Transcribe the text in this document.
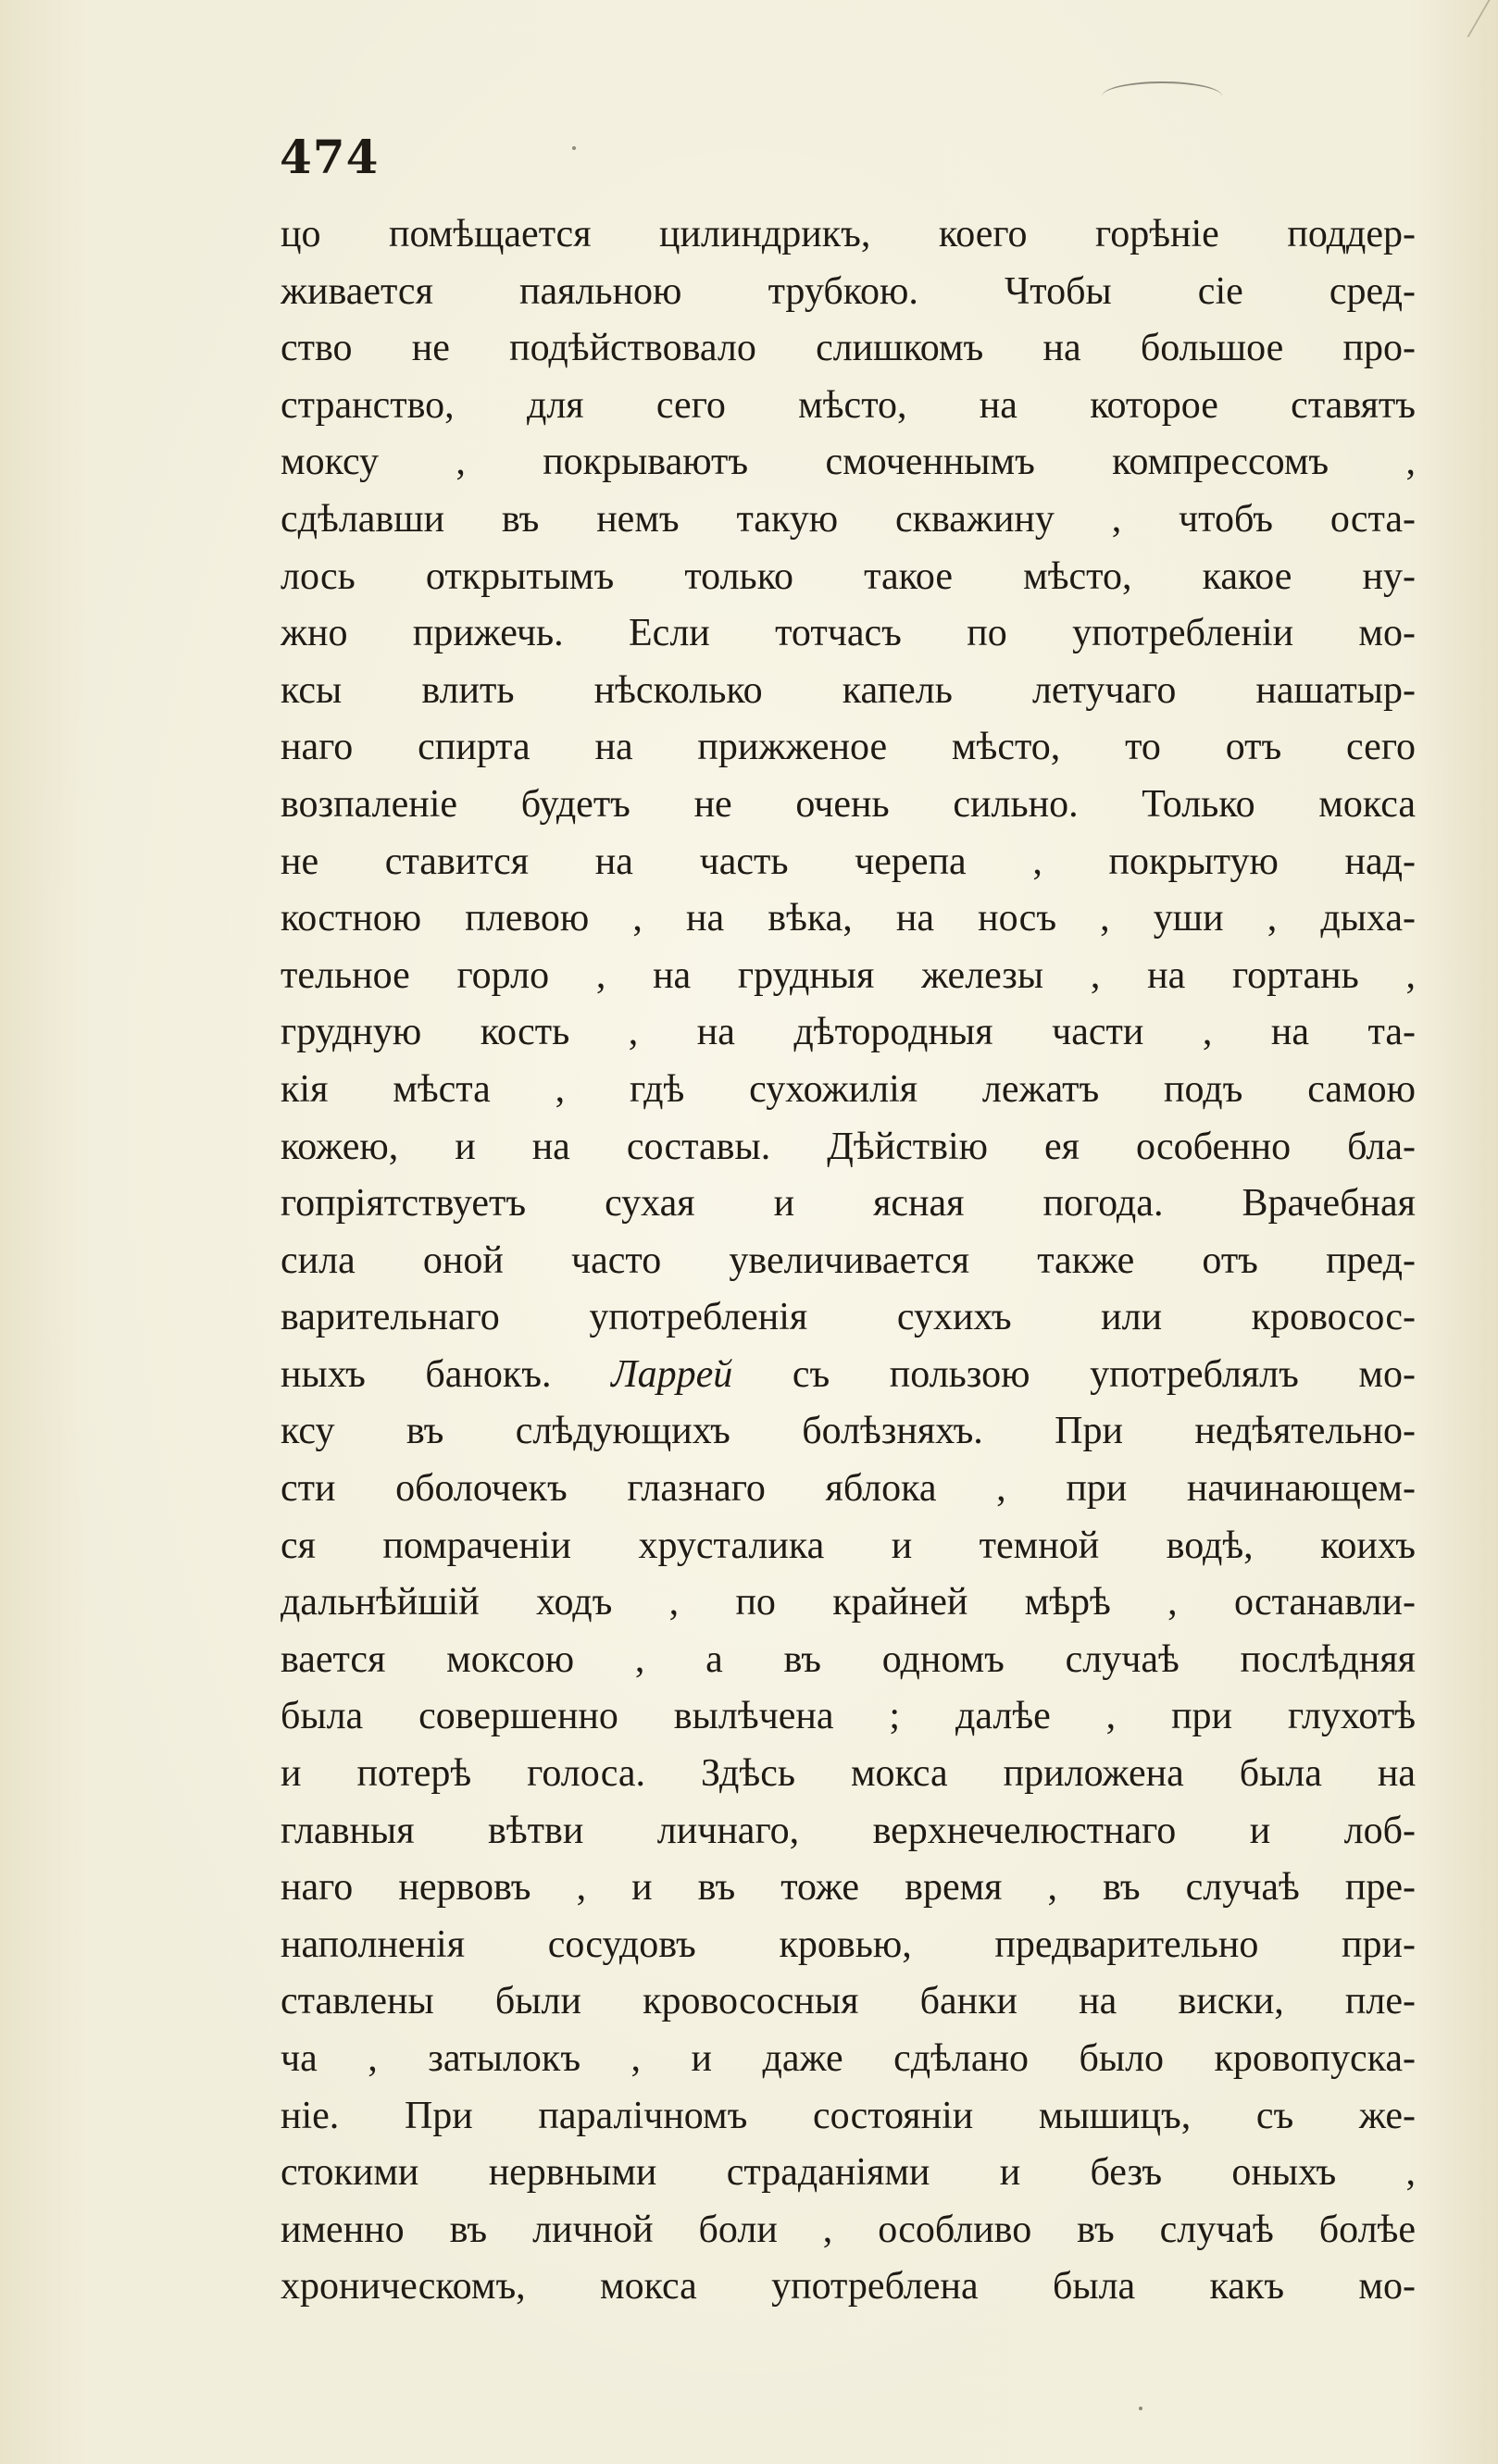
474
цо помѣщается цилиндрикъ, коего горѣніе поддер-
живается паяльною трубкою. Чтобы сіе сред-
ство не подѣйствовало слишкомъ на большое про-
странство, для сего мѣсто, на которое ставятъ
моксу , покрываютъ смоченнымъ компрессомъ ,
сдѣлавши въ немъ такую скважину , чтобъ оста-
лось открытымъ только такое мѣсто, какое ну-
жно прижечь. Если тотчасъ по употребленіи мо-
ксы влить нѣсколько капель летучаго нашатыр-
наго спирта на прижженое мѣсто, то отъ сего
возпаленіе будетъ не очень сильно. Только мокса
не ставится на часть черепа , покрытую над-
костною плевою , на вѣка, на носъ , уши , дыха-
тельное горло , на грудныя железы , на гортань ,
грудную кость , на дѣтородныя части , на та-
кія мѣста , гдѣ сухожилія лежатъ подъ самою
кожею, и на составы. Дѣйствію ея особенно бла-
гопріятствуетъ сухая и ясная погода. Врачебная
сила оной часто увеличивается также отъ пред-
варительнаго употребленія сухихъ или кровосос-
ныхъ банокъ. Ларрей съ пользою употреблялъ мо-
ксу въ слѣдующихъ болѣзняхъ. При недѣятельно-
сти оболочекъ глазнаго яблока , при начинающем-
ся помраченіи хрусталика и темной водѣ, коихъ
дальнѣйшій ходъ , по крайней мѣрѣ , останавли-
вается моксою , а въ одномъ случаѣ послѣдняя
была совершенно вылѣчена ; далѣе , при глухотѣ
и потерѣ голоса. Здѣсь мокса приложена была на
главныя вѣтви личнаго, верхнечелюстнаго и лоб-
наго нервовъ , и въ тоже время , въ случаѣ пре-
наполненія сосудовъ кровью, предварительно при-
ставлены были кровососныя банки на виски, пле-
ча , затылокъ , и даже сдѣлано было кровопуска-
ніе. При паралічномъ состояніи мышицъ, съ же-
стокими нервными страданіями и безъ оныхъ ,
именно въ личной боли , особливо въ случаѣ болѣе
хроническомъ, мокса употреблена была какъ мо-
